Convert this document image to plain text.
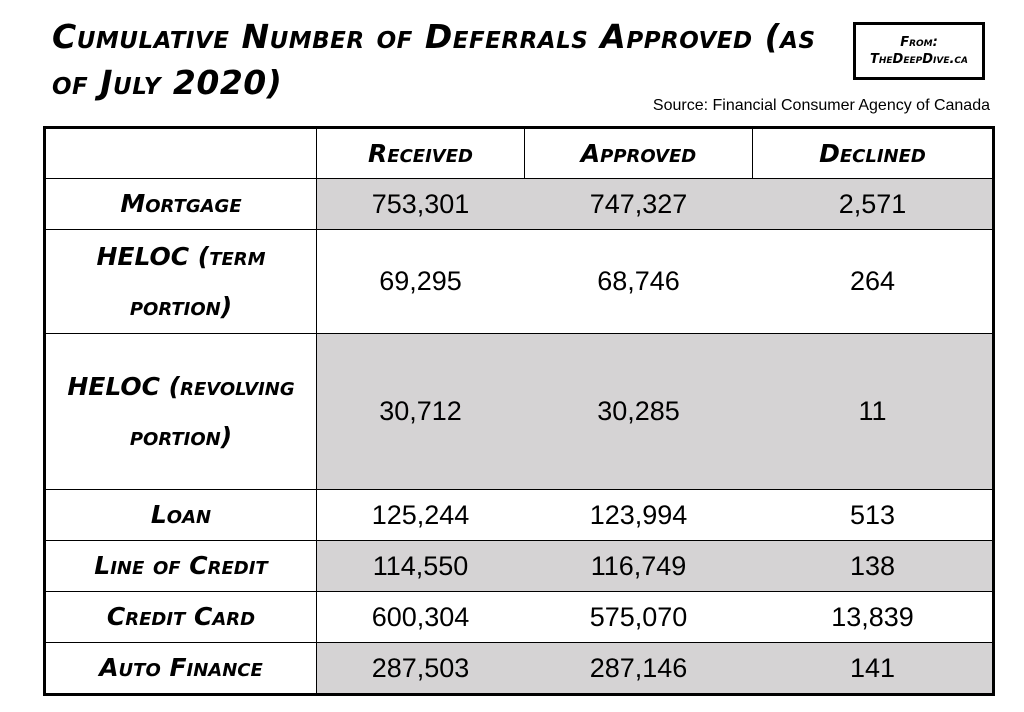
Cumulative Number of Deferrals Approved (as of July 2020)
From:
TheDeepDive.ca
Source: Financial Consumer Agency of Canada
	Received	Approved	Declined
Mortgage	753,301	747,327	2,571
HELOC (term portion)	69,295	68,746	264
HELOC (revolving portion)	30,712	30,285	11
Loan	125,244	123,994	513
Line of Credit	114,550	116,749	138
Credit Card	600,304	575,070	13,839
Auto Finance	287,503	287,146	141
